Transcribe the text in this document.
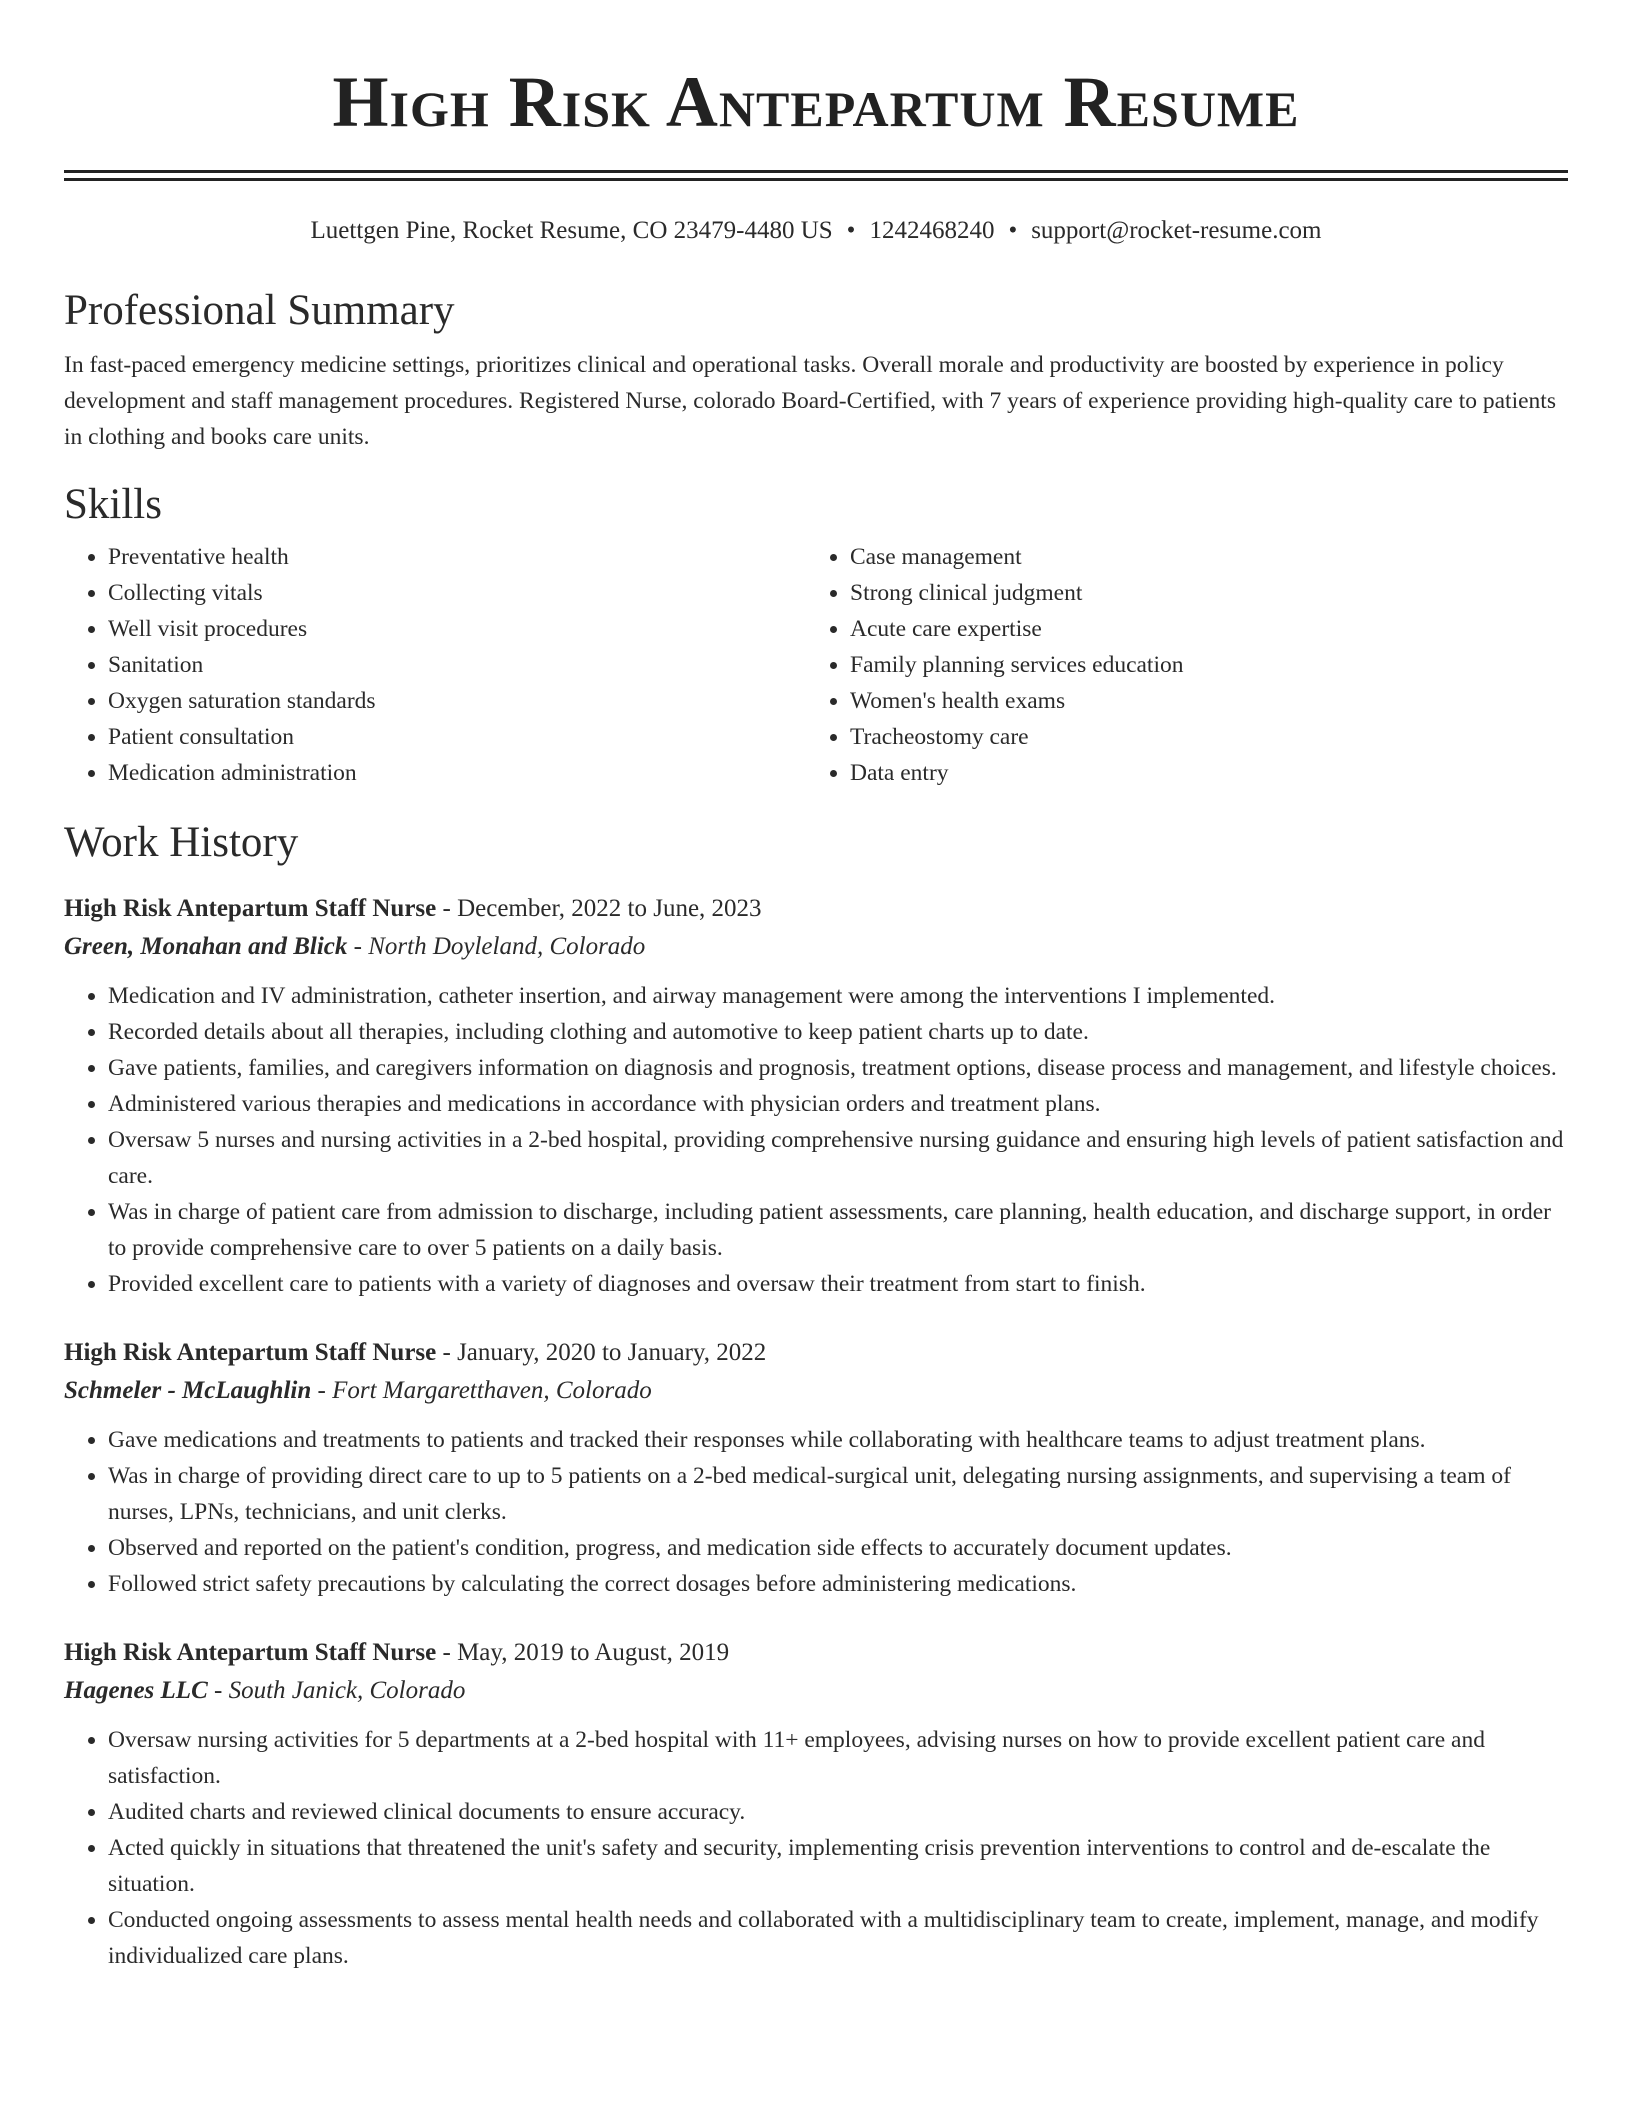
High Risk Antepartum Resume
Luettgen Pine, Rocket Resume, CO 23479-4480 US • 1242468240 • support@rocket-resume.com
Professional Summary

In fast-paced emergency medicine settings, prioritizes clinical and operational tasks. Overall morale and productivity are boosted by experience in policy development and staff management procedures. Registered Nurse, colorado Board-Certified, with 7 years of experience providing high-quality care to patients in clothing and books care units.

Skills
• Preventative health
• Collecting vitals
• Well visit procedures
• Sanitation
• Oxygen saturation standards
• Patient consultation
• Medication administration
• Case management
• Strong clinical judgment
• Acute care expertise
• Family planning services education
• Women's health exams
• Tracheostomy care
• Data entry
Work History
High Risk Antepartum Staff Nurse - December, 2022 to June, 2023
Green, Monahan and Blick - North Doyleland, Colorado
• Medication and IV administration, catheter insertion, and airway management were among the interventions I implemented.
• Recorded details about all therapies, including clothing and automotive to keep patient charts up to date.
• Gave patients, families, and caregivers information on diagnosis and prognosis, treatment options, disease process and management, and lifestyle choices.
• Administered various therapies and medications in accordance with physician orders and treatment plans.
• Oversaw 5 nurses and nursing activities in a 2-bed hospital, providing comprehensive nursing guidance and ensuring high levels of patient satisfaction and care.
• Was in charge of patient care from admission to discharge, including patient assessments, care planning, health education, and discharge support, in order to provide comprehensive care to over 5 patients on a daily basis.
• Provided excellent care to patients with a variety of diagnoses and oversaw their treatment from start to finish.
High Risk Antepartum Staff Nurse - January, 2020 to January, 2022
Schmeler - McLaughlin - Fort Margaretthaven, Colorado
• Gave medications and treatments to patients and tracked their responses while collaborating with healthcare teams to adjust treatment plans.
• Was in charge of providing direct care to up to 5 patients on a 2-bed medical-surgical unit, delegating nursing assignments, and supervising a team of nurses, LPNs, technicians, and unit clerks.
• Observed and reported on the patient's condition, progress, and medication side effects to accurately document updates.
• Followed strict safety precautions by calculating the correct dosages before administering medications.
High Risk Antepartum Staff Nurse - May, 2019 to August, 2019
Hagenes LLC - South Janick, Colorado
• Oversaw nursing activities for 5 departments at a 2-bed hospital with 11+ employees, advising nurses on how to provide excellent patient care and satisfaction.
• Audited charts and reviewed clinical documents to ensure accuracy.
• Acted quickly in situations that threatened the unit's safety and security, implementing crisis prevention interventions to control and de-escalate the situation.
• Conducted ongoing assessments to assess mental health needs and collaborated with a multidisciplinary team to create, implement, manage, and modify individualized care plans.
